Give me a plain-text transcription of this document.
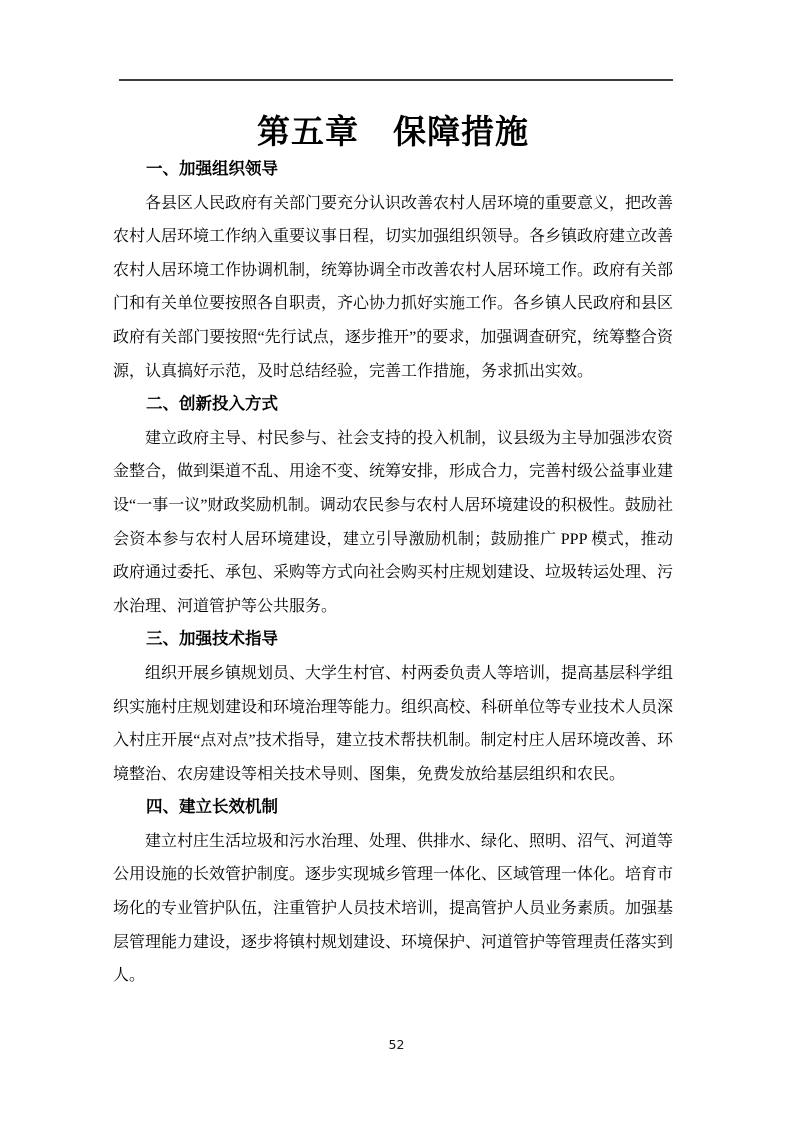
第五章　保障措施
一、加强组织领导

各县区人民政府有关部门要充分认识改善农村人居环境的重要意义，把改善农村人居环境工作纳入重要议事日程，切实加强组织领导。各乡镇政府建立改善农村人居环境工作协调机制，统筹协调全市改善农村人居环境工作。政府有关部门和有关单位要按照各自职责，齐心协力抓好实施工作。各乡镇人民政府和县区政府有关部门要按照“先行试点，逐步推开”的要求，加强调查研究，统筹整合资源，认真搞好示范，及时总结经验，完善工作措施，务求抓出实效。

二、创新投入方式

建立政府主导、村民参与、社会支持的投入机制，议县级为主导加强涉农资金整合，做到渠道不乱、用途不变、统筹安排，形成合力，完善村级公益事业建设“一事一议”财政奖励机制。调动农民参与农村人居环境建设的积极性。鼓励社会资本参与农村人居环境建设，建立引导激励机制；鼓励推广 PPP 模式，推动政府通过委托、承包、采购等方式向社会购买村庄规划建设、垃圾转运处理、污水治理、河道管护等公共服务。

三、加强技术指导

组织开展乡镇规划员、大学生村官、村两委负责人等培训，提高基层科学组织实施村庄规划建设和环境治理等能力。组织高校、科研单位等专业技术人员深入村庄开展“点对点”技术指导，建立技术帮扶机制。制定村庄人居环境改善、环境整治、农房建设等相关技术导则、图集，免费发放给基层组织和农民。

四、建立长效机制

建立村庄生活垃圾和污水治理、处理、供排水、绿化、照明、沼气、河道等公用设施的长效管护制度。逐步实现城乡管理一体化、区域管理一体化。培育市场化的专业管护队伍，注重管护人员技术培训，提高管护人员业务素质。加强基层管理能力建设，逐步将镇村规划建设、环境保护、河道管护等管理责任落实到人。

52
